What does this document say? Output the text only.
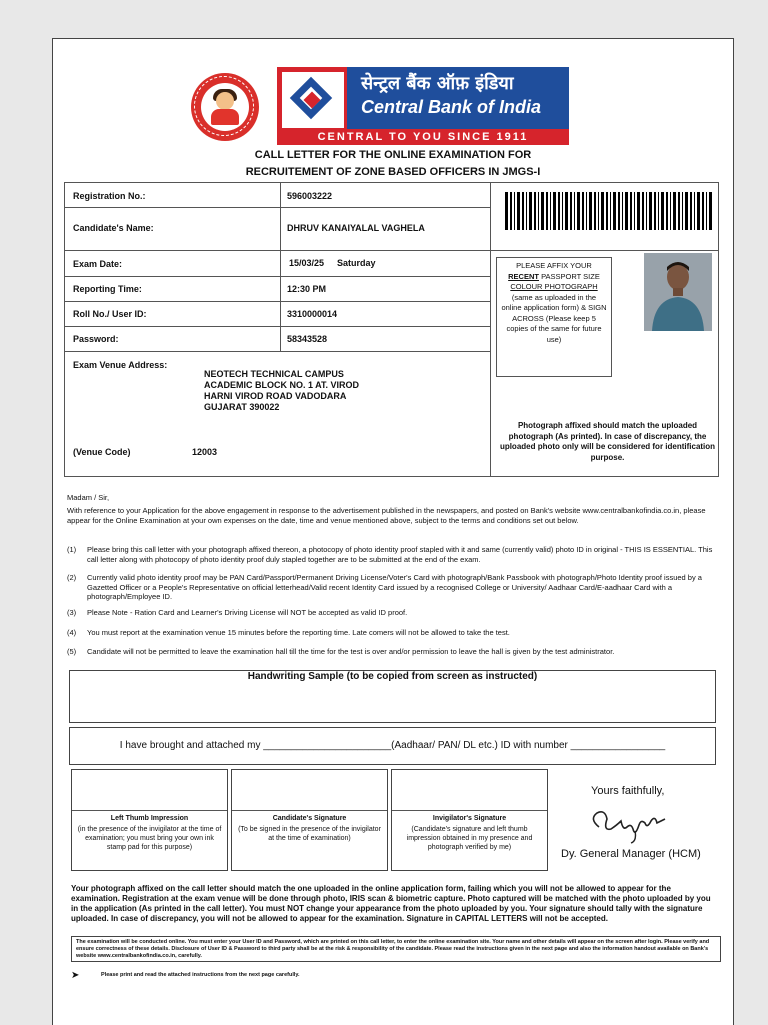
सेन्ट्रल बैंक ऑफ़ इंडिया
Central Bank of India
CENTRAL TO YOU SINCE 1911
CALL LETTER FOR THE ONLINE EXAMINATION FOR
RECRUITEMENT OF ZONE BASED OFFICERS IN JMGS-I
Registration No.:	596003222
Candidate's Name:	DHRUV KANAIYALAL VAGHELA
Exam Date:	15/03/25 Saturday
Reporting Time:	12:30 PM
Roll No./ User ID:	3310000014
Password:	58343528
Exam Venue Address:
NEOTECH TECHNICAL CAMPUS
ACADEMIC BLOCK NO. 1 AT. VIROD
HARNI VIROD ROAD VADODARA
GUJARAT 390022
(Venue Code)	12003
PLEASE AFFIX YOUR
RECENT PASSPORT SIZE
COLOUR PHOTOGRAPH
(same as uploaded in the online application form) & SIGN ACROSS (Please keep 5 copies of the same for future use)
Photograph affixed should match the uploaded photograph (As printed). In case of discrepancy, the uploaded photo only will be considered for identification purpose.
Madam / Sir,
With reference to your Application for the above engagement in response to the advertisement published in the newspapers, and posted on Bank's website www.centralbankofindia.co.in, please appear for the Online Examination at your own expenses on the date, time and venue mentioned above, subject to the terms and conditions set out below.
(1) Please bring this call letter with your photograph affixed thereon, a photocopy of photo identity proof stapled with it and same (currently valid) photo ID in original - THIS IS ESSENTIAL. This call letter along with photocopy of photo identity proof duly stapled together are to be submitted at the end of the exam.
(2) Currently valid photo identity proof may be PAN Card/Passport/Permanent Driving License/Voter's Card with photograph/Bank Passbook with photograph/Photo Identity proof issued by a Gazetted Officer or a People's Representative on official letterhead/Valid recent Identity Card issued by a recognised College or University/ Aadhaar Card/E-aadhaar Card with a photograph/Employee ID.
(3) Please Note - Ration Card and Learner's Driving License will NOT be accepted as valid ID proof.
(4) You must report at the examination venue 15 minutes before the reporting time. Late comers will not be allowed to take the test.
(5) Candidate will not be permitted to leave the examination hall till the time for the test is over and/or permission to leave the hall is given by the test administrator.
Handwriting Sample (to be copied from screen as instructed)
I have brought and attached my _______________________(Aadhaar/ PAN/ DL etc.) ID with number _________________
Left Thumb Impression
(in the presence of the invigilator at the time of examination; you must bring your own ink stamp pad for this purpose)
Candidate's Signature
(To be signed in the presence of the invigilator at the time of examination)
Invigilator's Signature
(Candidate's signature and left thumb impression obtained in my presence and photograph verified by me)
Yours faithfully,
Dy. General Manager (HCM)
Your photograph affixed on the call letter should match the one uploaded in the online application form, failing which you will not be allowed to appear for the examination. Registration at the exam venue will be done through photo, IRIS scan & biometric capture. Photo captured will be matched with the photo uploaded by you in the application (As printed in the call letter). You must NOT change your appearance from the photo uploaded by you. Your signature should tally with the signature uploaded. In case of discrepancy, you will not be allowed to appear for the examination. Signature in CAPITAL LETTERS will not be accepted.
The examination will be conducted online. You must enter your User ID and Password, which are printed on this call letter, to enter the online examination site. Your name and other details will appear on the screen after login. Please verify and ensure correctness of these details. Disclosure of User ID & Password to third party shall be at the risk & responsibility of the candidate. Please read the instructions given in the next page and also the information handout available on Bank's website www.centralbankofindia.co.in, carefully.
➤	Please print and read the attached instructions from the next page carefully.
